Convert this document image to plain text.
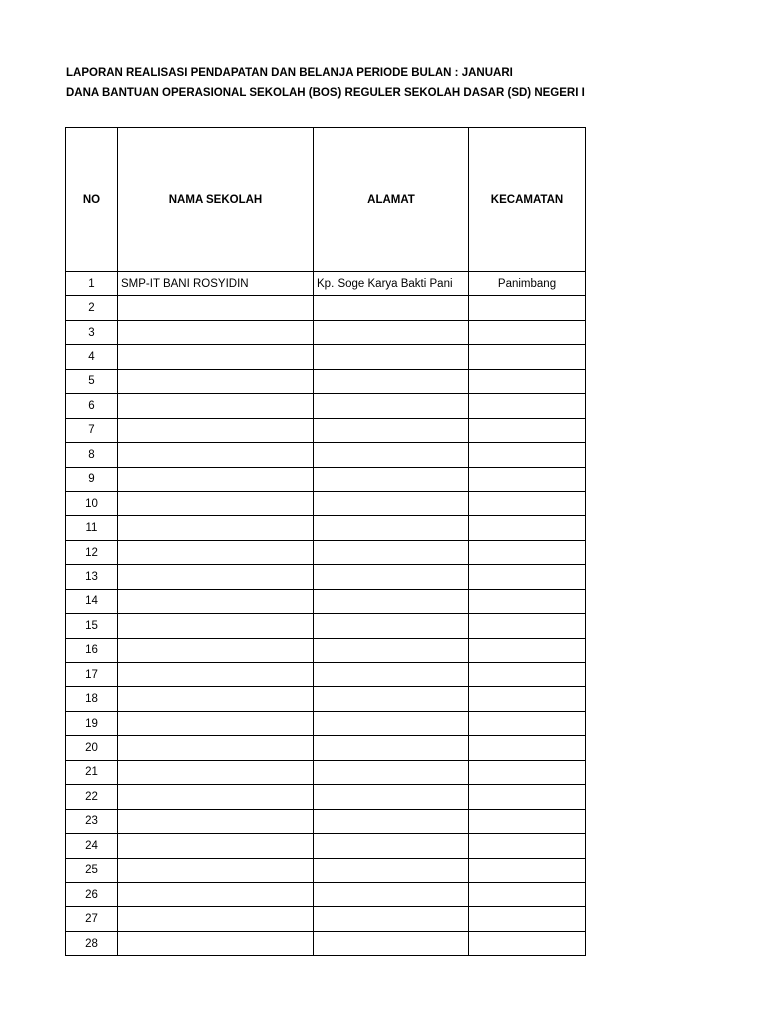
LAPORAN REALISASI PENDAPATAN DAN BELANJA PERIODE BULAN : JANUARI
DANA BANTUAN OPERASIONAL SEKOLAH (BOS) REGULER SEKOLAH DASAR (SD) NEGERI I
NO	NAMA SEKOLAH	ALAMAT	KECAMATAN	
1	SMP-IT BANI ROSYIDIN	Kp. Soge Karya Bakti Pani	Panimbang	
2				
3				
4				
5				
6				
7				
8				
9				
10				
11				
12				
13				
14				
15				
16				
17				
18				
19				
20				
21				
22				
23				
24				
25				
26				
27				
28				
